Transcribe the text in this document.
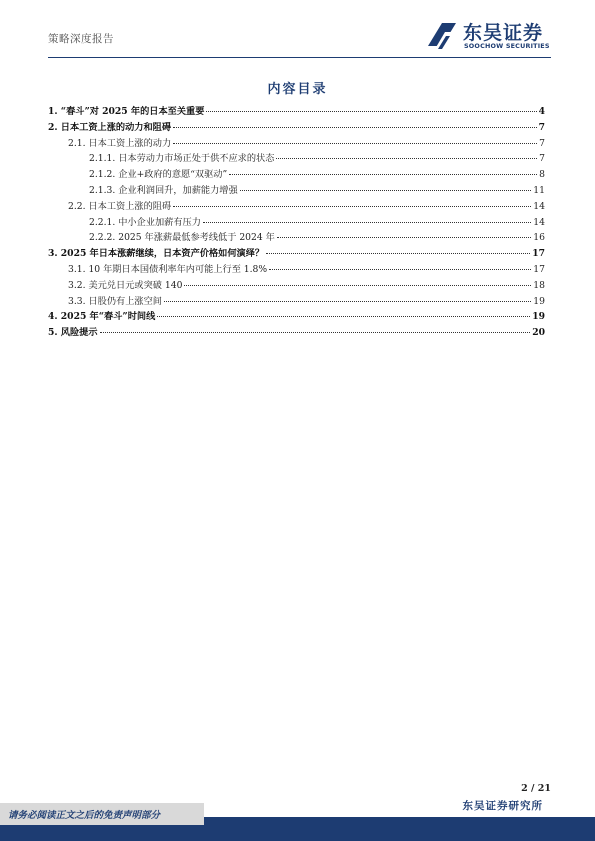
策略深度报告	东吴证券
SOOCHOW SECURITIES
内容目录
1. “春斗”对 2025 年的日本至关重要	4
2. 日本工资上涨的动力和阻碍	7
2.1. 日本工资上涨的动力	7
2.1.1. 日本劳动力市场正处于供不应求的状态	7
2.1.2. 企业+政府的意愿“双驱动”	8
2.1.3. 企业利润回升，加薪能力增强	11
2.2. 日本工资上涨的阻碍	14
2.2.1. 中小企业加薪有压力	14
2.2.2. 2025 年涨薪最低参考线低于 2024 年	16
3. 2025 年日本涨薪继续，日本资产价格如何演绎？	17
3.1. 10 年期日本国债利率年内可能上行至 1.8%	17
3.2. 美元兑日元或突破 140	18
3.3. 日股仍有上涨空间	19
4. 2025 年“春斗”时间线	19
5. 风险提示	20
2 / 21
东吴证券研究所
请务必阅读正文之后的免责声明部分
